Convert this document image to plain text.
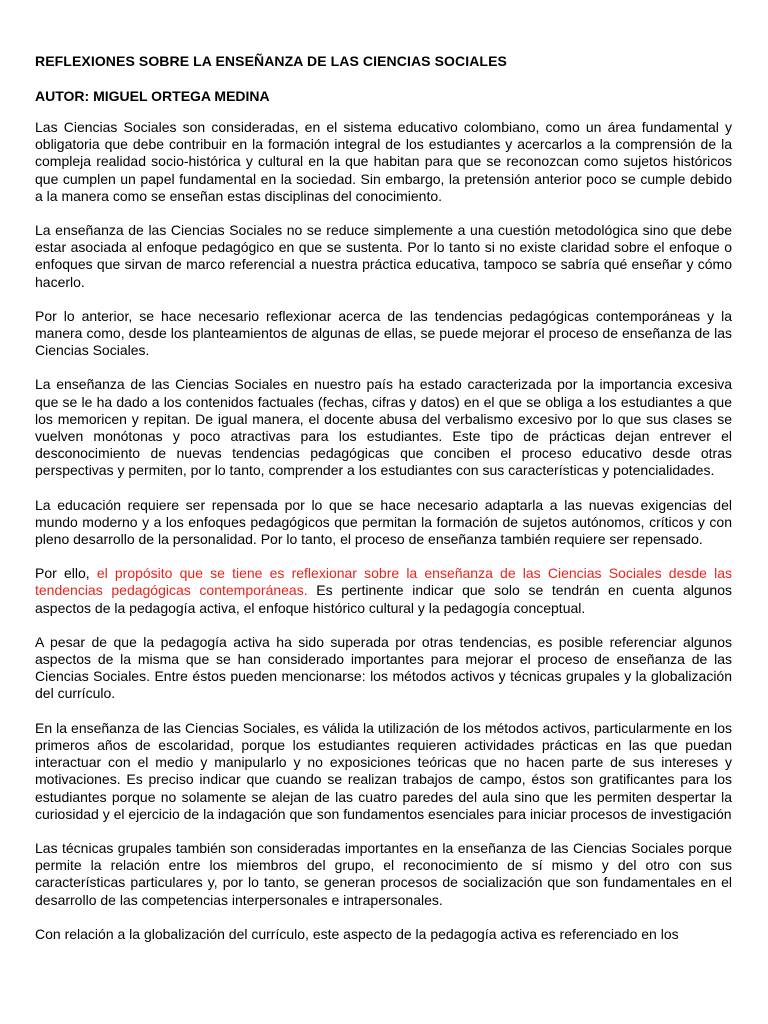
REFLEXIONES SOBRE LA ENSEÑANZA DE LAS CIENCIAS SOCIALES
AUTOR: MIGUEL ORTEGA MEDINA

Las Ciencias Sociales son consideradas, en el sistema educativo colombiano, como un área fundamental y obligatoria que debe contribuir en la formación integral de los estudiantes y acercarlos a la comprensión de la compleja realidad socio-histórica y cultural en la que habitan para que se reconozcan como sujetos históricos que cumplen un papel fundamental en la sociedad. Sin embargo, la pretensión anterior poco se cumple debido a la manera como se enseñan estas disciplinas del conocimiento.

La enseñanza de las Ciencias Sociales no se reduce simplemente a una cuestión metodológica sino que debe estar asociada al enfoque pedagógico en que se sustenta. Por lo tanto si no existe claridad sobre el enfoque o enfoques que sirvan de marco referencial a nuestra práctica educativa, tampoco se sabría qué enseñar y cómo hacerlo.

Por lo anterior, se hace necesario reflexionar acerca de las tendencias pedagógicas contemporáneas y la manera como, desde los planteamientos de algunas de ellas, se puede mejorar el proceso de enseñanza de las Ciencias Sociales.

La enseñanza de las Ciencias Sociales en nuestro país ha estado caracterizada por la importancia excesiva que se le ha dado a los contenidos factuales (fechas, cifras y datos) en el que se obliga a los estudiantes a que los memoricen y repitan. De igual manera, el docente abusa del verbalismo excesivo por lo que sus clases se vuelven monótonas y poco atractivas para los estudiantes. Este tipo de prácticas dejan entrever el desconocimiento de nuevas tendencias pedagógicas que conciben el proceso educativo desde otras perspectivas y permiten, por lo tanto, comprender a los estudiantes con sus características y potencialidades.

La educación requiere ser repensada por lo que se hace necesario adaptarla a las nuevas exigencias del mundo moderno y a los enfoques pedagógicos que permitan la formación de sujetos autónomos, críticos y con pleno desarrollo de la personalidad. Por lo tanto, el proceso de enseñanza también requiere ser repensado.

Por ello, el propósito que se tiene es reflexionar sobre la enseñanza de las Ciencias Sociales desde las tendencias pedagógicas contemporáneas. Es pertinente indicar que solo se tendrán en cuenta algunos aspectos de la pedagogía activa, el enfoque histórico cultural y la pedagogía conceptual.

A pesar de que la pedagogía activa ha sido superada por otras tendencias, es posible referenciar algunos aspectos de la misma que se han considerado importantes para mejorar el proceso de enseñanza de las Ciencias Sociales. Entre éstos pueden mencionarse: los métodos activos y técnicas grupales y la globalización del currículo.

En la enseñanza de las Ciencias Sociales, es válida la utilización de los métodos activos, particularmente en los primeros años de escolaridad, porque los estudiantes requieren actividades prácticas en las que puedan interactuar con el medio y manipularlo y no exposiciones teóricas que no hacen parte de sus intereses y motivaciones. Es preciso indicar que cuando se realizan trabajos de campo, éstos son gratificantes para los estudiantes porque no solamente se alejan de las cuatro paredes del aula sino que les permiten despertar la curiosidad y el ejercicio de la indagación que son fundamentos esenciales para iniciar procesos de investigación

Las técnicas grupales también son consideradas importantes en la enseñanza de las Ciencias Sociales porque permite la relación entre los miembros del grupo, el reconocimiento de sí mismo y del otro con sus características particulares y, por lo tanto, se generan procesos de socialización que son fundamentales en el desarrollo de las competencias interpersonales e intrapersonales.

Con relación a la globalización del currículo, este aspecto de la pedagogía activa es referenciado en los
